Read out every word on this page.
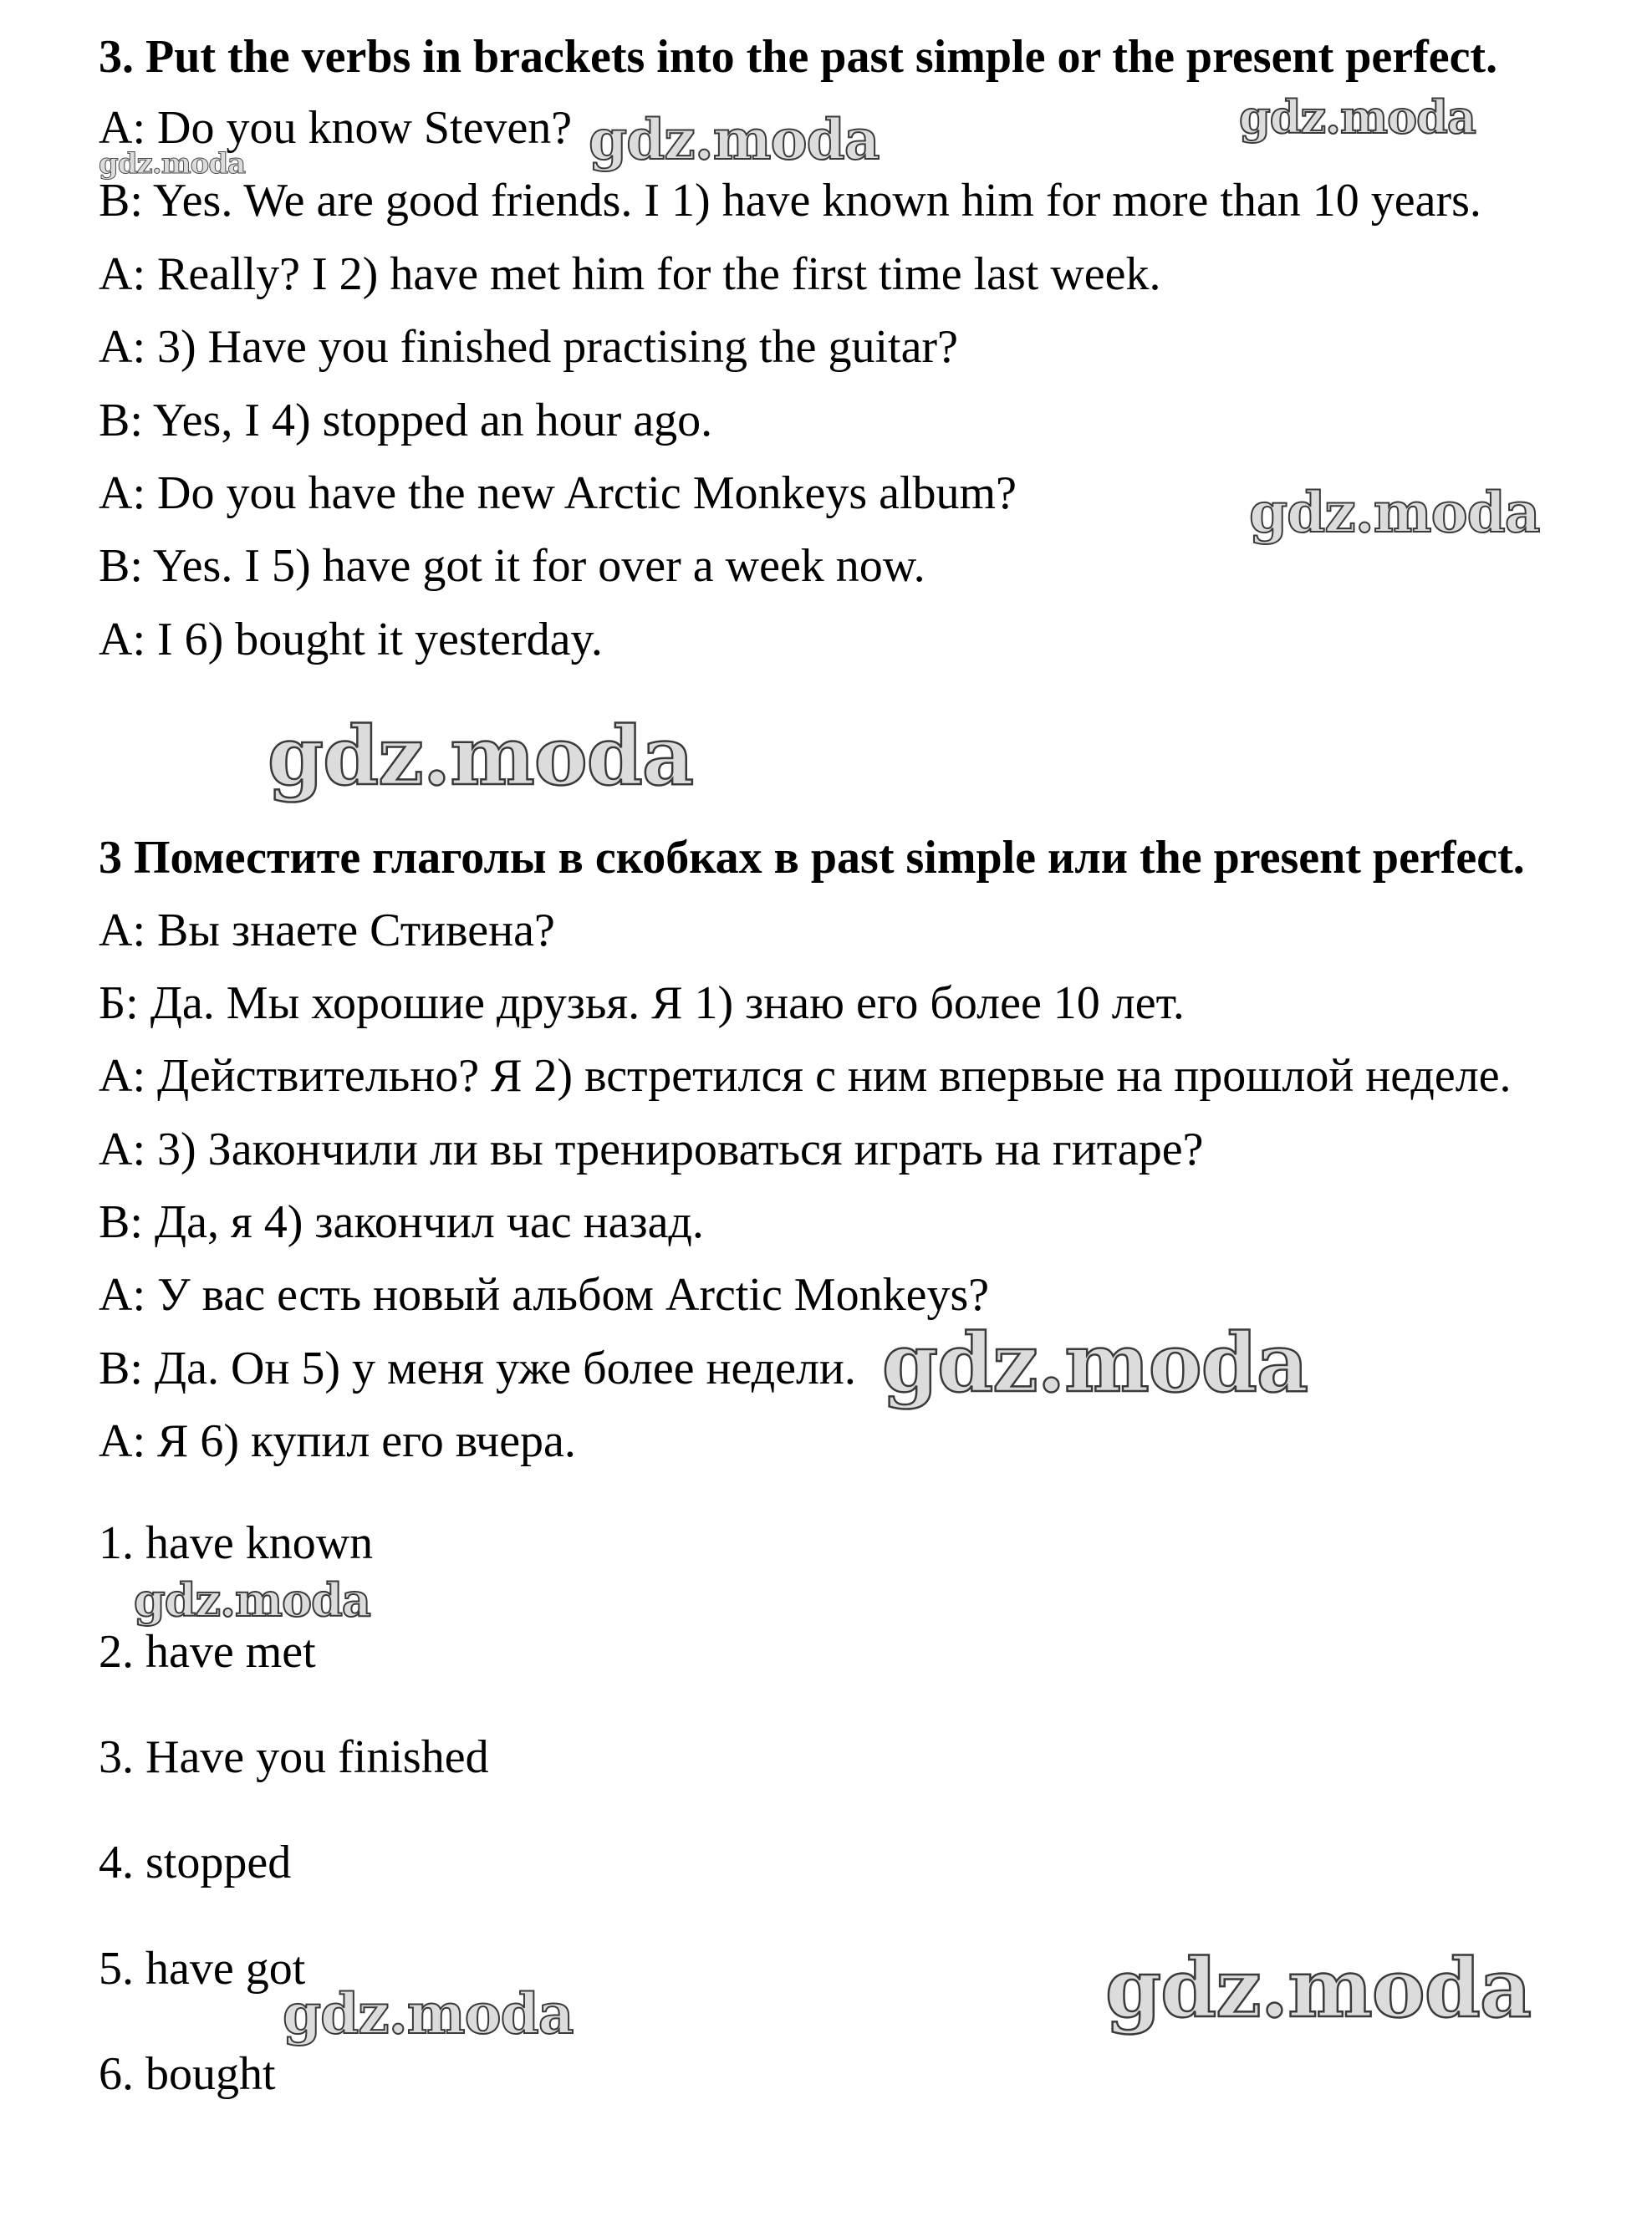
3. Put the verbs in brackets into the past simple or the present perfect.
A: Do you know Steven?
B: Yes. We are good friends. I 1) have known him for more than 10 years.
A: Really? I 2) have met him for the first time last week.
A: 3) Have you finished practising the guitar?
B: Yes, I 4) stopped an hour ago.
A: Do you have the new Arctic Monkeys album?
B: Yes. I 5) have got it for over a week now.
A: I 6) bought it yesterday.
3 Поместите глаголы в скобках в past simple или the present perfect.
А: Вы знаете Стивена?
Б: Да. Мы хорошие друзья. Я 1) знаю его более 10 лет.
А: Действительно? Я 2) встретился с ним впервые на прошлой неделе.
А: 3) Закончили ли вы тренироваться играть на гитаре?
В: Да, я 4) закончил час назад.
А: У вас есть новый альбом Arctic Monkeys?
В: Да. Он 5) у меня уже более недели.
А: Я 6) купил его вчера.
1. have known
2. have met
3. Have you finished
4. stopped
5. have got
6. bought
gdz.moda
gdz.moda
gdz.moda
gdz.moda
gdz.moda
gdz.moda
gdz.moda
gdz.moda
gdz.moda
